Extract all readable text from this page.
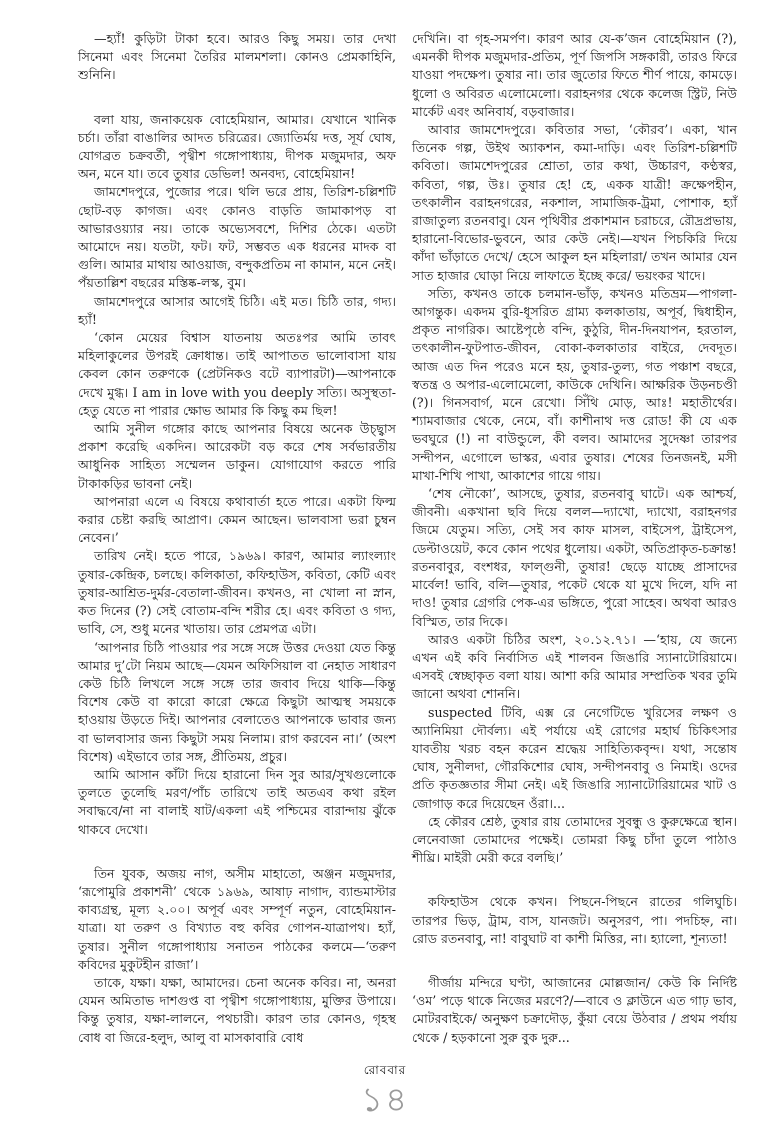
—হ্যাঁ! কুড়িটা টাকা হবে। আরও কিছু সময়। তার দেখা সিনেমা এবং সিনেমা তৈরির মালমশলা। কোনও প্রেমকাহিনি, শুনিনি।

বলা যায়, জনাকয়েক বোহেমিয়ান, আমার। যেখানে খানিক চর্চা। তাঁরা বাঙালির আদত চরিত্রের। জ্যোতির্ময় দত্ত, সূর্য ঘোষ, যোগব্রত চক্রবর্তী, পৃথ্বীশ গঙ্গোপাধ্যায়, দীপক মজুমদার, অফ অন, মনে যা। তবে তুষার ডেভিল! অনবদ্য, বোহেমিয়ান!

জামশেদপুরে, পুজোর পরে। থলি ভরে প্রায়, তিরিশ-চল্লিশটি ছোট-বড় কাগজ। এবং কোনও বাড়তি জামাকাপড় বা আভারওয়্যার নয়। তাকে অভ্যেসবশে, দিশির ঠেকে। এতটা আমোদে নয়। যতটা, ফট। ফট, সম্ভবত এক ধরনের মাদক বা গুলি। আমার মাথায় আওয়াজ, বন্দুকপ্রতিম না কামান, মনে নেই। পঁয়তাল্লিশ বছরের মস্তিষ্ক-লস্ক, বুম।

জামশেদপুরে আসার আগেই চিঠি। এই মত। চিঠি তার, গদ্য। হ্যাঁ!

‘কোন মেয়ের বিশ্বাস যাতনায় অতঃপর আমি তাবৎ মহিলাকুলের উপরই ক্রোধান্ত। তাই আপাতত ভালোবাসা যায় কেবল কোন তরুণকে (প্রেটনিকও বটে ব্যাপারটা)—আপনাকে দেখে মুগ্ধ। I am in love with you deeply সত্যি। অসুস্থতা-হেতু যেতে না পারার ক্ষোভ আমার কি কিছু কম ছিল!

আমি সুনীল গঙ্গোর কাছে আপনার বিষয়ে অনেক উচ্ছ্বাস প্রকাশ করেছি একদিন। আরেকটা বড় করে শেষ সর্বভারতীয় আধুনিক সাহিত্য সম্মেলন ডাকুন। যোগাযোগ করতে পারি টাকাকড়ির ভাবনা নেই।

আপনারা এলে এ বিষয়ে কথাবার্তা হতে পারে। একটা ফিল্ম করার চেষ্টা করছি আপ্রাণ। কেমন আছেন। ভালবাসা ভরা চুম্বন নেবেন।’

তারিখ নেই। হতে পারে, ১৯৬৯। কারণ, আমার ল্যাংল্যাং তুষার-কেন্দ্রিক, চলছে। কলিকাতা, কফিহাউস, কবিতা, কেটি এবং তুষার-আশ্রিত-দুর্মর-বেতালা-জীবন। কখনও, না খোলা না স্নান, কত দিনের (?) সেই বোতাম-বন্দি শরীর হে। এবং কবিতা ও গদ্য, ভাবি, সে, শুধু মনের খাতায়। তার প্রেমপত্র এটা।

‘আপনার চিঠি পাওয়ার পর সঙ্গে সঙ্গে উত্তর দেওয়া যেত কিন্তু আমার দু’টো নিয়ম আছে—যেমন অফিসিয়াল বা নেহাত সাধারণ কেউ চিঠি লিখলে সঙ্গে সঙ্গে তার জবাব দিয়ে থাকি—কিন্তু বিশেষ কেউ বা কারো কারো ক্ষেত্রে কিছুটা আত্মস্থ সময়কে হাওয়ায় উড়তে দিই। আপনার বেলাতেও আপনাকে ভাবার জন্য বা ভালবাসার জন্য কিছুটা সময় নিলাম। রাগ করবেন না।’ (অংশ বিশেষ) এইভাবে তার সঙ্গ, প্রীতিময়, প্রচুর।

আমি আসান কাঁটা দিয়ে হারানো দিন সুর আর/সুখগুলোকে তুলতে তুলেছি মরণ/পাঁচ তারিখে তাই অতএব কথা রইল সবাদ্ধবে/না না বালাই ষাট/একলা এই পশ্চিমের বারান্দায় ঝুঁকে থাকবে দেখো।

তিন যুবক, অজয় নাগ, অসীম মাহাতো, অঞ্জন মজুমদার, ‘রূপোমুরি প্রকাশনী’ থেকে ১৯৬৯, আষাঢ় নাগাদ, ব্যান্ডমাস্টার কাব্যগ্রন্থ, মূল্য ২.০০। অপূর্ব এবং সম্পূর্ণ নতুন, বোহেমিয়ান-যাত্রা। যা তরুণ ও বিখ্যাত বহু কবির গোপন-যাত্রাপথ। হ্যাঁ, তুষার। সুনীল গঙ্গোপাধ্যায় সনাতন পাঠকের কলমে—‘তরুণ কবিদের মুকুটহীন রাজা’।

তাকে, যক্ষা। যক্ষা, আমাদের। চেনা অনেক কবির। না, অনরা যেমন অমিতাভ দাশগুপ্ত বা পৃথ্বীশ গঙ্গোপাধ্যায়, মুক্তির উপায়ে। কিন্তু তুষার, যক্ষা-লালনে, পথচারী। কারণ তার কোনও, গৃহস্থ বোধ বা জিরে-হলুদ, আলু বা মাসকাবারি বোধ

দেখিনি। বা গৃহ-সমর্পণ। কারণ আর যে-ক’জন বোহেমিয়ান (?), এমনকী দীপক মজুমদার-প্রতিম, পূর্ণ জিপসি সঙ্গকারী, তারও ফিরে যাওয়া পদক্ষেপ। তুষার না। তার জুতোর ফিতে শীর্ণ পায়ে, কামড়ে। ধুলো ও অবিরত এলোমেলো। বরাহনগর থেকে কলেজ স্ট্রিট, নিউ মার্কেট এবং অনিবার্য, বড়বাজার।

আবার জামশেদপুরে। কবিতার সভা, ‘কৌরব’। একা, খান তিনেক গল্প, উইথ অ্যাকশন, কমা-দাড়ি। এবং তিরিশ-চল্লিশটি কবিতা। জামশেদপুরের শ্রোতা, তার কথা, উচ্চারণ, কণ্ঠস্বর, কবিতা, গল্প, উঃ। তুষার হে! হে, একক যাত্রী! ক্রক্ষেপহীন, তৎকালীন বরাহনগরের, নকশাল, সামাজিক-ট্রমা, পোশাক, হ্যাঁ রাজাতুল্য রতনবাবু। যেন পৃথিবীর প্রকাশমান চরাচরে, রৌদ্রপ্রভায়, হারানো-বিভোর-ভুবনে, আর কেউ নেই।—যখন পিচকিরি দিয়ে কাঁদা ভাঁড়াতে দেখে/ হেসে আকুল হন মহিলারা/ তখন আমার যেন সাত হাজার ঘোড়া নিয়ে লাফাতে ইচ্ছে করে/ ভয়ংকর খাদে।

সত্যি, কখনও তাকে চলমান-ভাঁড়, কখনও মতিভ্রম—পাগলা-আগন্তুক। একদম বুরি-ধূসরিত গ্রাম্য কলকাতায়, অপূর্ব, দ্বিধাহীন, প্রকৃত নাগরিক। আষ্টেপৃষ্ঠে বন্দি, কুঠুরি, দীন-দিনযাপন, হরতাল, তৎকালীন-ফুটপাত-জীবন, বোকা-কলকাতার বাইরে, দেবদূত। আজ এত দিন পরেও মনে হয়, তুষার-তুল্য, গত পঞ্চাশ বছরে, স্বতন্ত্র ও অপার-এলোমেলো, কাউকে দেখিনি। আক্ষরিক উড়নচণ্ডী (?)। গিনসবার্গ, মনে রেখো। সিঁথি মোড়, আঃ! মহাতীর্থের। শ্যামবাজার থেকে, নেমে, বাঁ। কাশীনাথ দত্ত রোড! কী যে এক ভবঘুরে (!) না বাউন্ডুলে, কী বলব। আমাদের সুদেষ্ণা তারপর সন্দীপন, এগোলে ভাস্কর, এবার তুষার। শেষের তিনজনই, মসী মাখা-শিখি পাখা, আকাশের গায়ে গায়।

‘শেষ নৌকো’, আসছে, তুষার, রতনবাবু ঘাটে। এক আশ্চর্য, জীবনী। একখানা ছবি দিয়ে বলল—দ্যাখো, দ্যাখো, বরাহনগর জিমে যেতুম। সত্যি, সেই সব কাফ মাসল, বাইসেপ, ট্রাইসেপ, ডেল্টাওয়েট, কবে কোন পথের ধুলোয়। একটা, অতিপ্রাকৃত-চক্রান্ত! রতনবাবুর, বংশধর, ফাল্গুনী, তুষার! ছেড়ে যাচ্ছে প্রাসাদের মার্বেল! ভাবি, বলি—তুষার, পকেট থেকে যা মুখে দিলে, যদি না দাও! তুষার গ্রেগরি পেক-এর ভঙ্গিতে, পুরো সাহেব। অথবা আরও বিস্মিত, তার দিকে।

আরও একটা চিঠির অংশ, ২০.১২.৭১। —‘হায়, যে জন্যে এখন এই কবি নির্বাসিত এই শালবন জিঙারি স্যানাটোরিয়ামে। এসবই স্বেচ্ছাকৃত বলা যায়। আশা করি আমার সম্প্রতিক খবর তুমি জানো অথবা শোননি।

suspected টিবি, এক্স রে নেগেটিভে খুরিসের লক্ষণ ও অ্যানিমিয়া দৌর্বল্য। এই পর্যায়ে এই রোগের মহার্ঘ চিকিৎসার যাবতীয় খরচ বহন করেন শ্রদ্ধেয় সাহিত্যিকবৃন্দ। যথা, সন্তোষ ঘোষ, সুনীলদা, গৌরকিশোর ঘোষ, সন্দীপনবাবু ও নিমাই। ওদের প্রতি কৃতজ্ঞতার সীমা নেই। এই জিঙারি স্যানাটোরিয়ামের খাট ও জোগাড় করে দিয়েছেন ওঁরা।...

হে কৌরব শ্রেষ্ঠ, তুষার রায় তোমাদের সুবন্ধু ও কুরুক্ষেত্রে স্থান। লেনেবাজা তোমাদের পক্ষেই। তোমরা কিছু চাঁদা তুলে পাঠাও শীঘ্রি। মাইরী মেরী করে বলছি।’

কফিহাউস থেকে কখন। পিছনে-পিছনে রাতের গলিঘুচি। তারপর ভিড়, ট্রাম, বাস, যানজট। অনুসরণ, পা। পদচিহ্ন, না। রোড রতনবাবু, না! বাবুঘাট বা কাশী মিত্তির, না। হ্যালো, শূন্যতা!

গীর্জায় মন্দিরে ঘণ্টা, আজানের মোল্লজান/ কেউ কি নির্দিষ্ট ‘ওম’ পড়ে থাকে নিজের মরণে?/—বাবে ও ক্লাউনে এত গাঢ় ভাব, মোটরবাইকে/ অনুক্ষণ চক্রাদৌড়, কুঁয়া বেয়ে উঠবার / প্রথম পর্যায় থেকে / হড়কানো সুরু বুক দুরু...

রোববার
১৪
